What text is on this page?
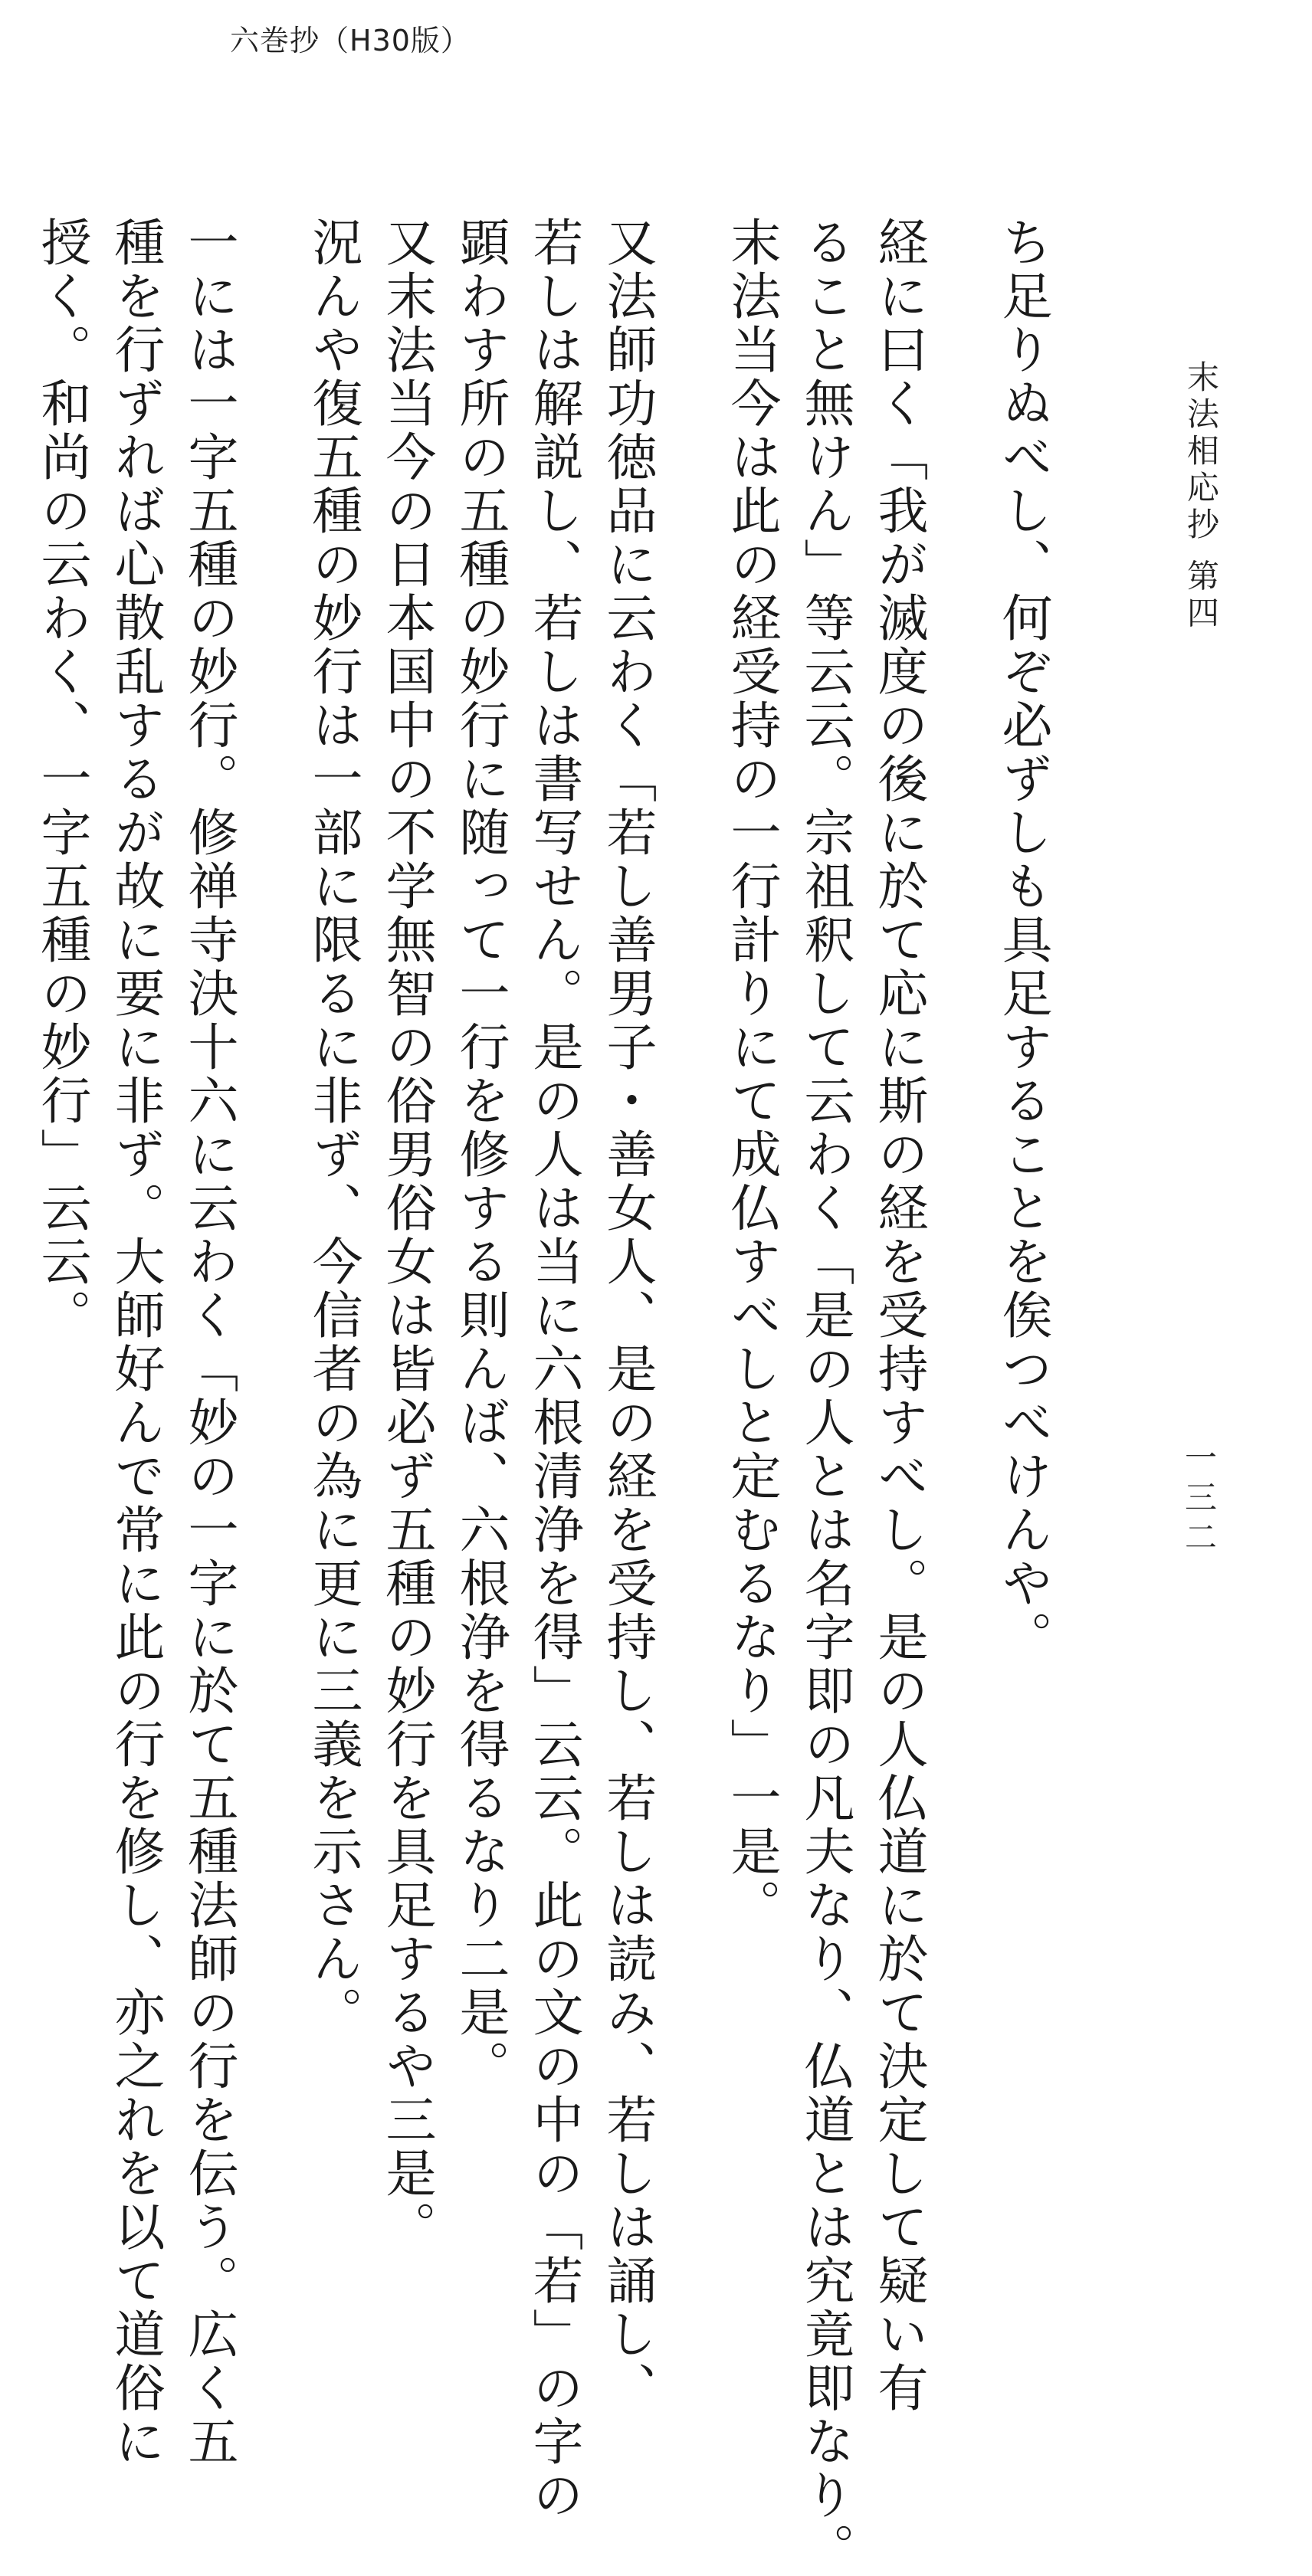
六巻抄（H30版）
末法相応抄 第四
一三二
ち足りぬべし、何ぞ必ずしも具足することを俟つべけんや。
経に曰く「我が滅度の後に於て応に斯の経を受持すべし。是の人仏道に於て決定して疑い有
ること無けん」等云云。宗祖釈して云わく「是の人とは名字即の凡夫なり、仏道とは究竟即なり。
末法当今は此の経受持の一行計りにて成仏すべしと定むるなり」一是。
又法師功徳品に云わく「若し善男子・善女人、是の経を受持し、若しは読み、若しは誦し、
若しは解説し、若しは書写せん。是の人は当に六根清浄を得」云云。此の文の中の「若」の字の
顕わす所の五種の妙行に随って一行を修する則んば、六根浄を得るなり二是。
又末法当今の日本国中の不学無智の俗男俗女は皆必ず五種の妙行を具足するや三是。
況んや復五種の妙行は一部に限るに非ず、今信者の為に更に三義を示さん。
一には一字五種の妙行。修禅寺決十六に云わく「妙の一字に於て五種法師の行を伝う。広く五
種を行ずれば心散乱するが故に要に非ず。大師好んで常に此の行を修し、亦之れを以て道俗に
授く。和尚の云わく、一字五種の妙行」云云。
